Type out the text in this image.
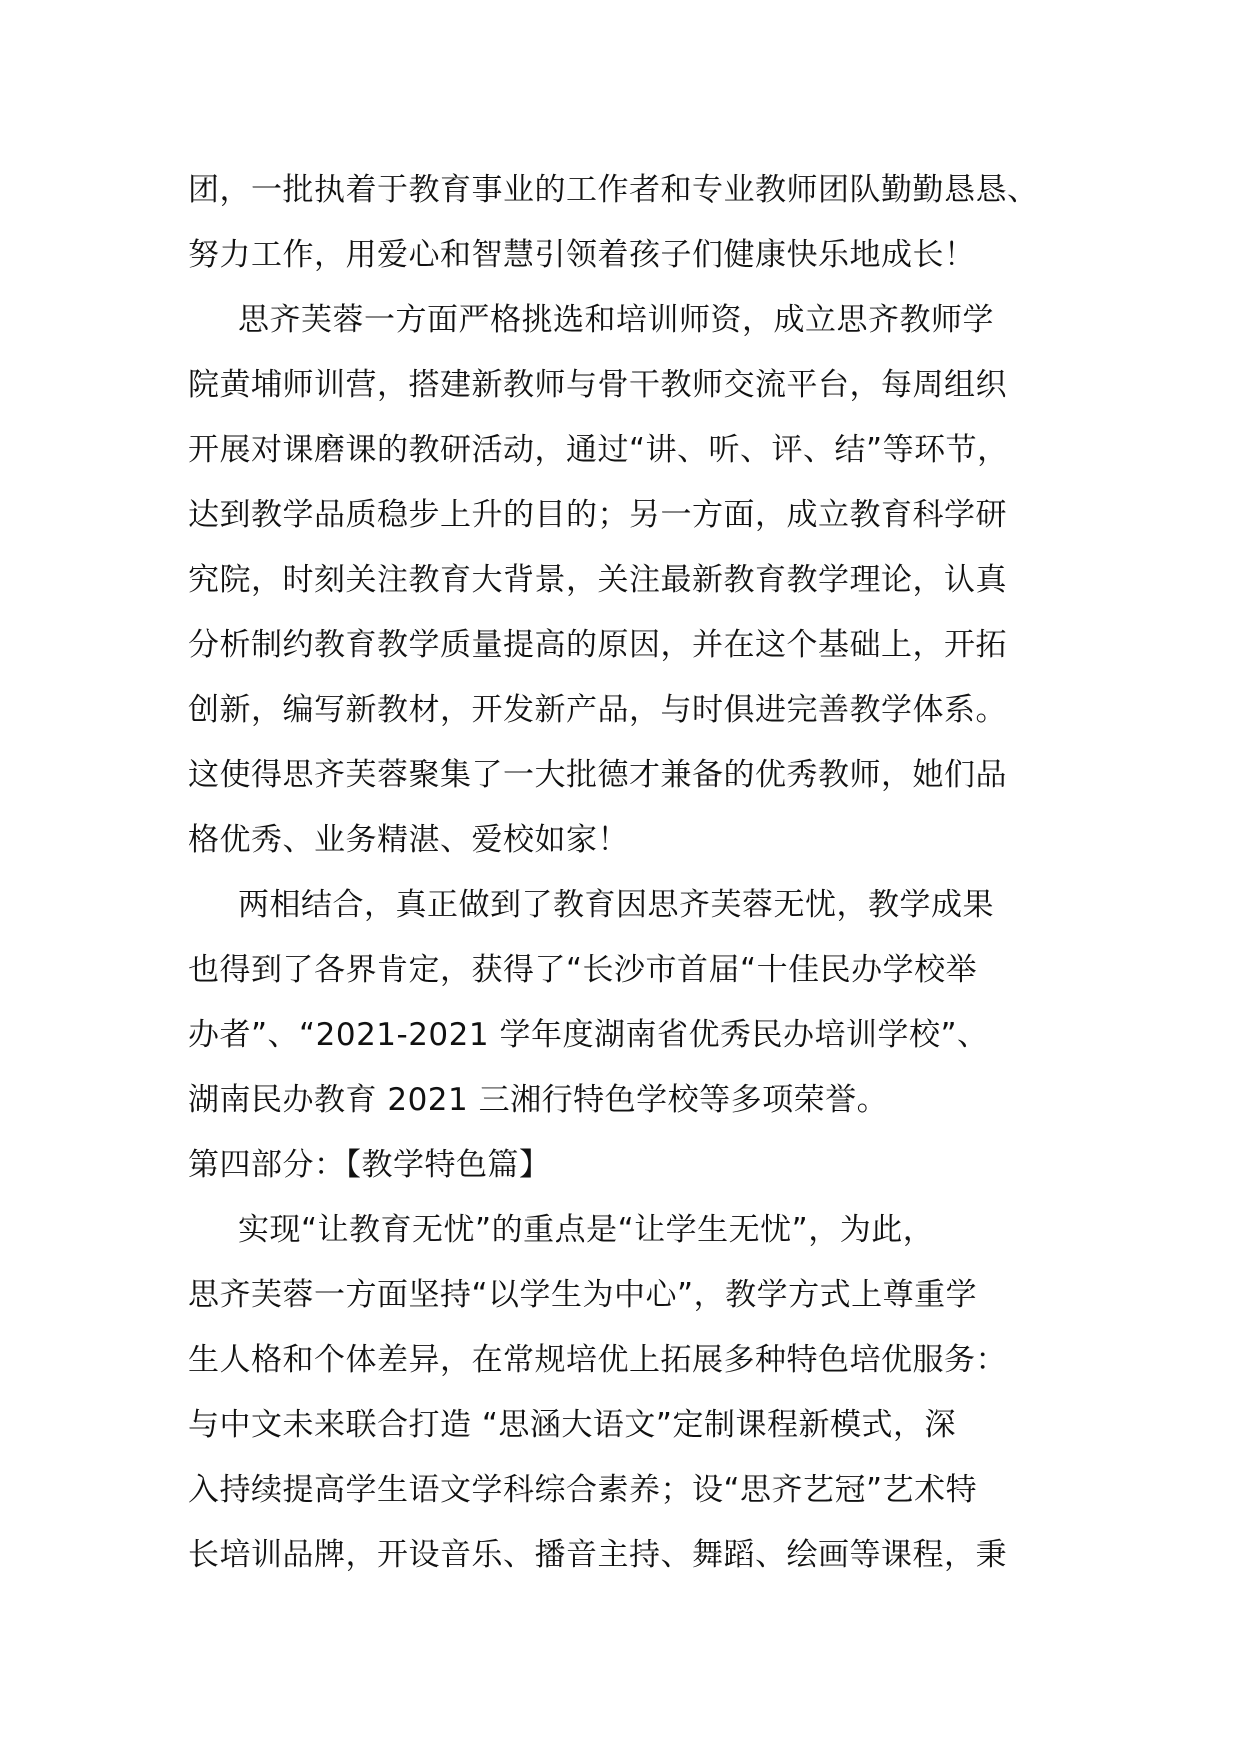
团，一批执着于教育事业的工作者和专业教师团队勤勤恳恳、
努力工作，用爱心和智慧引领着孩子们健康快乐地成长！
思齐芙蓉一方面严格挑选和培训师资，成立思齐教师学
院黄埔师训营，搭建新教师与骨干教师交流平台，每周组织
开展对课磨课的教研活动，通过“讲、听、评、结”等环节，
达到教学品质稳步上升的目的；另一方面，成立教育科学研
究院，时刻关注教育大背景，关注最新教育教学理论，认真
分析制约教育教学质量提高的原因，并在这个基础上，开拓
创新，编写新教材，开发新产品，与时俱进完善教学体系。
这使得思齐芙蓉聚集了一大批德才兼备的优秀教师，她们品
格优秀、业务精湛、爱校如家！
两相结合，真正做到了教育因思齐芙蓉无忧，教学成果
也得到了各界肯定，获得了“长沙市首届“十佳民办学校举
办者”、“2021-2021 学年度湖南省优秀民办培训学校”、
湖南民办教育 2021 三湘行特色学校等多项荣誉。
第四部分：【教学特色篇】
实现“让教育无忧”的重点是“让学生无忧”，为此，
思齐芙蓉一方面坚持“以学生为中心”，教学方式上尊重学
生人格和个体差异，在常规培优上拓展多种特色培优服务：
与中文未来联合打造 “思涵大语文”定制课程新模式，深
入持续提高学生语文学科综合素养；设“思齐艺冠”艺术特
长培训品牌，开设音乐、播音主持、舞蹈、绘画等课程，秉
